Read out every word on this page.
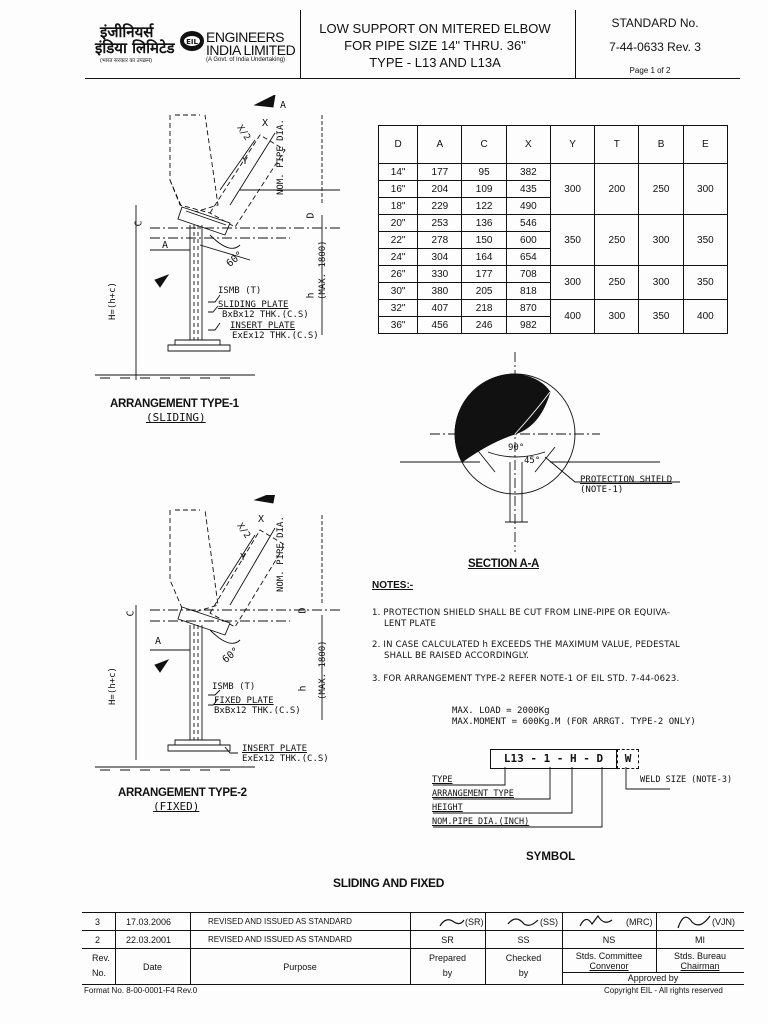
इंजीनियर्स
इंडिया लिमिटेड
(भारत सरकार का उपक्रम)
EIL ENGINEERS
INDIA LIMITED
(A Govt. of India Undertaking)
LOW SUPPORT ON MITERED ELBOW
FOR PIPE SIZE 14" THRU. 36"
TYPE - L13 AND L13A
STANDARD No.
7-44-0633 Rev. 3
Page 1 of 2
D	A	C	X	Y	T	B	E
14"	177	95	382	300	200	250	300
16"	204	109	435				
18"	229	122	490				
20"	253	136	546	350	250	300	350
22"	278	150	600				
24"	304	164	654				
26"	330	177	708	300	250	300	350
30"	380	205	818				
32"	407	218	870	400	300	350	400
36"	456	246	982				
NOM. PIPE DIA.
(MAX. 1800)
H=(h+c)	ISMB (T)
SLIDING PLATE
BxBx12 THK.(C.S)
INSERT PLATE
ExEx12 THK.(C.S)
A
C
D
h
60°
X
X/2
Y
A
ARRANGEMENT TYPE-1
(SLIDING)
90°
45°
PROTECTION SHIELD
(NOTE-1)
SECTION A-A
NOM. PIPE DIA.
(MAX. 1800)
H=(h+c)	ISMB (T)
FIXED PLATE
BxBx12 THK.(C.S)
INSERT PLATE
ExEx12 THK.(C.S)
A
C	D
h
60°
X
X/2
Y
ARRANGEMENT TYPE-2
(FIXED)
NOTES:-
1. PROTECTION SHIELD SHALL BE CUT FROM LINE-PIPE OR EQUIVA-
LENT PLATE
2. IN CASE CALCULATED h EXCEEDS THE MAXIMUM VALUE, PEDESTAL
SHALL BE RAISED ACCORDINGLY.
3. FOR ARRANGEMENT TYPE-2 REFER NOTE-1 OF EIL STD. 7-44-0623.
MAX. LOAD = 2000Kg
MAX.MOMENT = 600Kg.M (FOR ARRGT. TYPE-2 ONLY)
L13 - 1 - H - D	W
TYPE
ARRANGEMENT TYPE
HEIGHT
NOM.PIPE DIA.(INCH)
WELD SIZE (NOTE-3)
SYMBOL
SLIDING AND FIXED
3	17.03.2006	REVISED AND ISSUED AS STANDARD	(SR)	(SS)	(MRC)	(VJN)
2	22.03.2001	REVISED AND ISSUED AS STANDARD	SR	SS	NS	MI
Rev.
No.
Date	Purpose
Prepared
by
Checked
by
Stds. Committee
Convenor
Stds. Bureau
Chairman
Approved by
Format No. 8-00-0001-F4 Rev.0	Copyright EIL - All rights reserved
